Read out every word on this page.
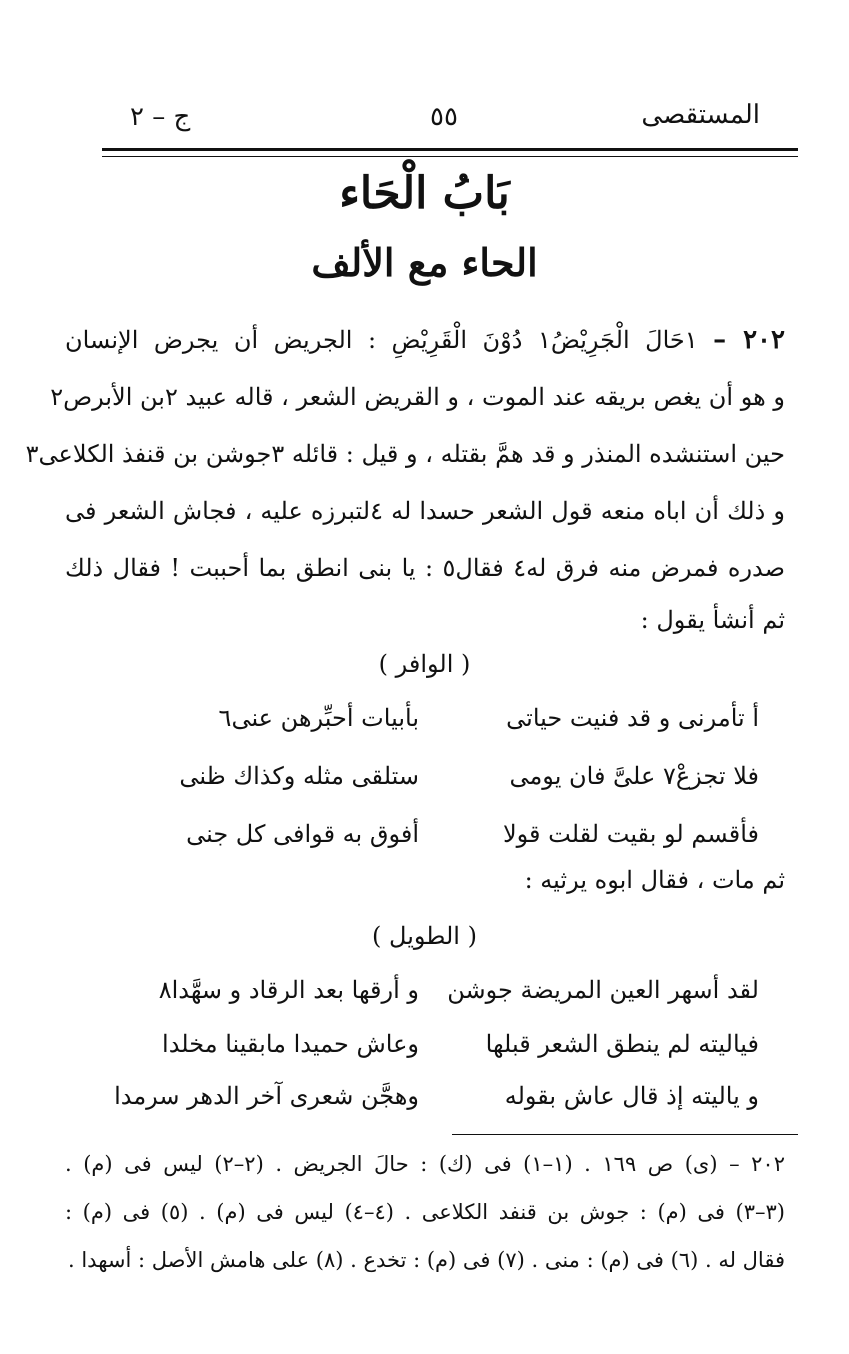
المستقصى
٥٥
ج – ٢
بَابُ الْحَاء
الحاء مع الألف
٢٠٢ – ١حَالَ الْجَرِيْضُ١ دُوْنَ الْقَرِيْضِ : الجريض أن يجرض الإنسان
و هو أن يغص بريقه عند الموت ، و القريض الشعر ، قاله عبيد ٢بن الأبرص٢
حين استنشده المنذر و قد همَّ بقتله ، و قيل : قائله ٣جوشن بن قنفذ الكلاعى٣
و ذلك أن اباه منعه قول الشعر حسدا له ٤لتبرزه عليه ، فجاش الشعر فى
صدره فمرض منه فرق له٤ فقال٥ : يا بنى انطق بما أحببت ! فقال ذلك
ثم أنشأ يقول :
( الوافر )
أ تأمرنى و قد فنيت حياتى
بأبيات أحبِّرهن عنى٦
فلا تجزعْ٧ علىَّ فان يومى
ستلقى مثله وكذاك ظنى
فأقسم لو بقيت لقلت قولا
أفوق به قوافى كل جنى
ثم مات ، فقال ابوه يرثيه :
( الطويل )
لقد أسهر العين المريضة جوشن
و أرقها بعد الرقاد و سهَّدا٨
فياليته لم ينطق الشعر قبلها
وعاش حميدا مابقينا مخلدا
و ياليته إذ قال عاش بقوله
وهجَّن شعرى آخر الدهر سرمدا
٢٠٢ – (ى) ص ١٦٩ . (١–١) فى (ك) : حالَ الجريض . (٢–٢) ليس فى (م) .
(٣–٣) فى (م) : جوش بن قنفد الكلاعى . (٤–٤) ليس فى (م) . (٥) فى (م) :
فقال له . (٦) فى (م) : منى . (٧) فى (م) : تخدع . (٨) على هامش الأصل : أسهدا .
